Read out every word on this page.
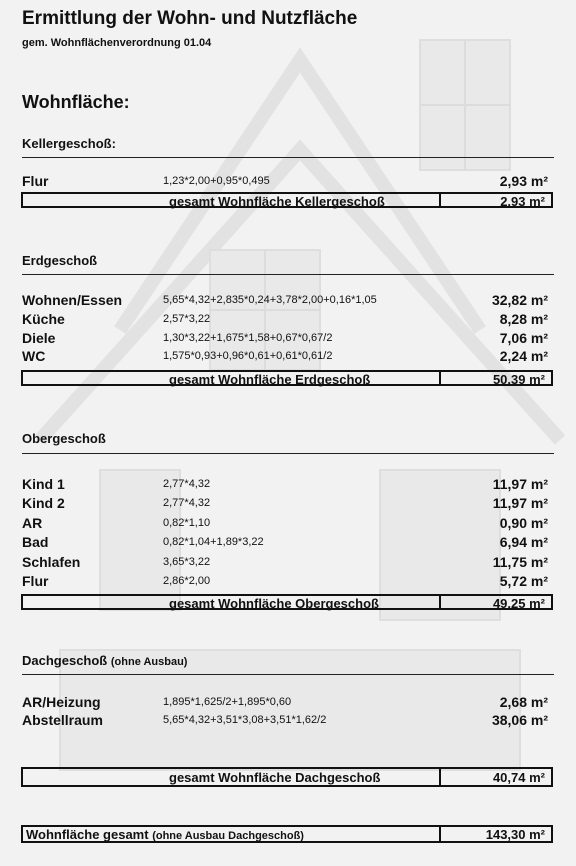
Ermittlung der Wohn- und Nutzfläche
gem. Wohnflächenverordnung 01.04
Wohnfläche:
Kellergeschoß:
Flur	1,23*2,00+0,95*0,495	2,93 m²
gesamt Wohnfläche Kellergeschoß	2,93 m²
Erdgeschoß
Wohnen/Essen	5,65*4,32+2,835*0,24+3,78*2,00+0,16*1,05	32,82 m²
Küche	2,57*3,22	8,28 m²
Diele	1,30*3,22+1,675*1,58+0,67*0,67/2	7,06 m²
WC	1,575*0,93+0,96*0,61+0,61*0,61/2	2,24 m²
gesamt Wohnfläche Erdgeschoß	50,39 m²
Obergeschoß
Kind 1	2,77*4,32	11,97 m²
Kind 2	2,77*4,32	11,97 m²
AR	0,82*1,10	0,90 m²
Bad	0,82*1,04+1,89*3,22	6,94 m²
Schlafen	3,65*3,22	11,75 m²
Flur	2,86*2,00	5,72 m²
gesamt Wohnfläche Obergeschoß	49,25 m²
Dachgeschoß (ohne Ausbau)
AR/Heizung	1,895*1,625/2+1,895*0,60	2,68 m²
Abstellraum	5,65*4,32+3,51*3,08+3,51*1,62/2	38,06 m²
gesamt Wohnfläche Dachgeschoß	40,74 m²
Wohnfläche gesamt (ohne Ausbau Dachgeschoß)	143,30 m²
